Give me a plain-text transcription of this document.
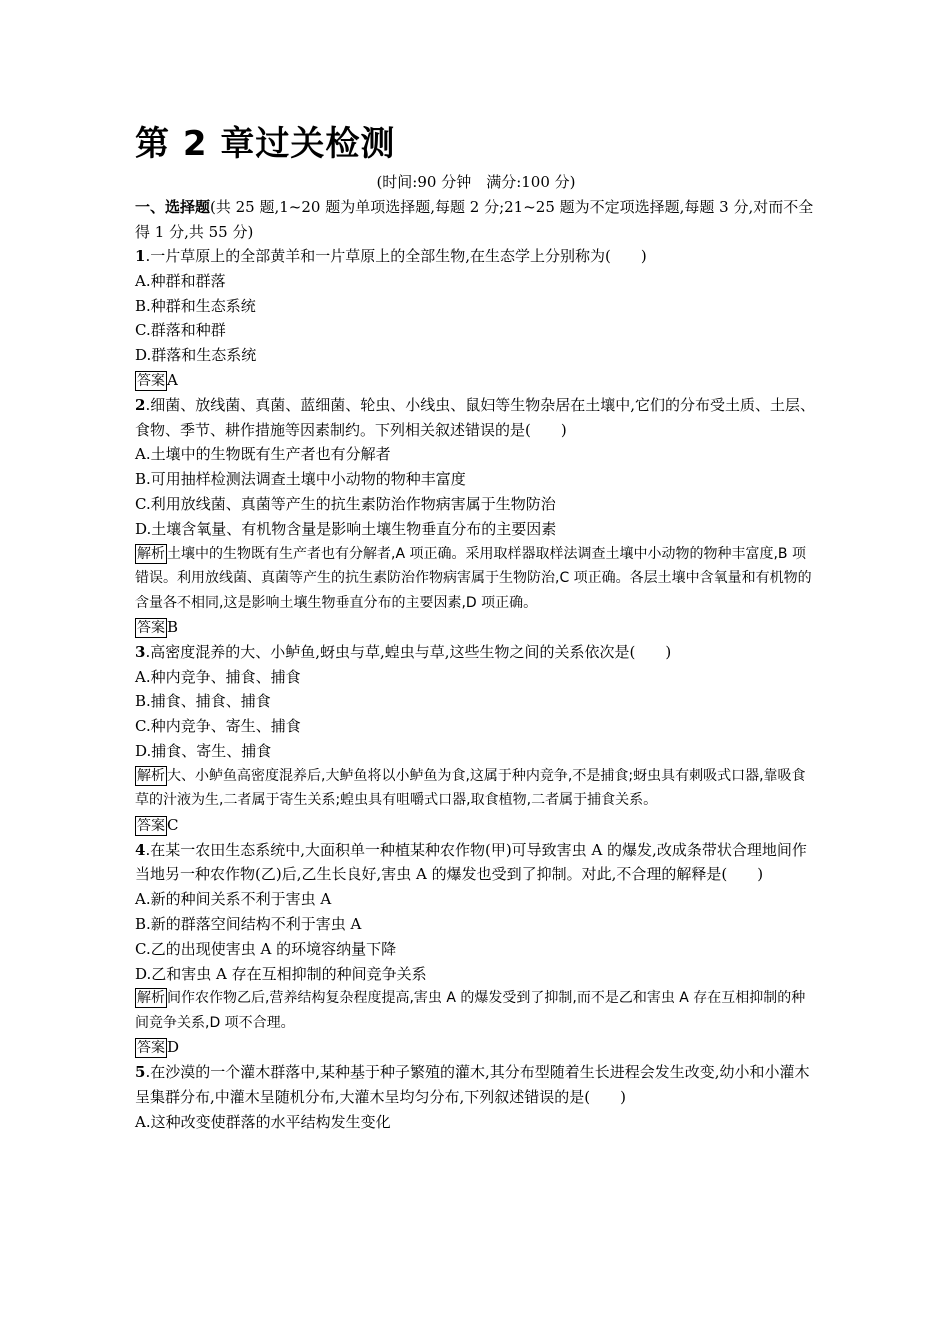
第 2 章过关检测

(时间:90 分钟　满分:100 分)

一、选择题(共 25 题,1~20 题为单项选择题,每题 2 分;21~25 题为不定项选择题,每题 3 分,对而不全得 1 分,共 55 分)

1.一片草原上的全部黄羊和一片草原上的全部生物,在生态学上分别称为(　　)

A.种群和群落

B.种群和生态系统

C.群落和种群

D.群落和生态系统

答案 A

2.细菌、放线菌、真菌、蓝细菌、轮虫、小线虫、鼠妇等生物杂居在土壤中,它们的分布受土质、土层、食物、季节、耕作措施等因素制约。下列相关叙述错误的是(　　)

A.土壤中的生物既有生产者也有分解者

B.可用抽样检测法调查土壤中小动物的物种丰富度

C.利用放线菌、真菌等产生的抗生素防治作物病害属于生物防治

D.土壤含氧量、有机物含量是影响土壤生物垂直分布的主要因素

解析 土壤中的生物既有生产者也有分解者,A 项正确。采用取样器取样法调查土壤中小动物的物种丰富度,B 项错误。利用放线菌、真菌等产生的抗生素防治作物病害属于生物防治,C 项正确。各层土壤中含氧量和有机物的含量各不相同,这是影响土壤生物垂直分布的主要因素,D 项正确。

答案 B

3.高密度混养的大、小鲈鱼,蚜虫与草,蝗虫与草,这些生物之间的关系依次是(　　)

A.种内竞争、捕食、捕食

B.捕食、捕食、捕食

C.种内竞争、寄生、捕食

D.捕食、寄生、捕食

解析 大、小鲈鱼高密度混养后,大鲈鱼将以小鲈鱼为食,这属于种内竞争,不是捕食;蚜虫具有刺吸式口器,靠吸食草的汁液为生,二者属于寄生关系;蝗虫具有咀嚼式口器,取食植物,二者属于捕食关系。

答案 C

4.在某一农田生态系统中,大面积单一种植某种农作物(甲)可导致害虫 A 的爆发,改成条带状合理地间作当地另一种农作物(乙)后,乙生长良好,害虫 A 的爆发也受到了抑制。对此,不合理的解释是(　　)

A.新的种间关系不利于害虫 A

B.新的群落空间结构不利于害虫 A

C.乙的出现使害虫 A 的环境容纳量下降

D.乙和害虫 A 存在互相抑制的种间竞争关系

解析 间作农作物乙后,营养结构复杂程度提高,害虫 A 的爆发受到了抑制,而不是乙和害虫 A 存在互相抑制的种间竞争关系,D 项不合理。

答案 D

5.在沙漠的一个灌木群落中,某种基于种子繁殖的灌木,其分布型随着生长进程会发生改变,幼小和小灌木呈集群分布,中灌木呈随机分布,大灌木呈均匀分布,下列叙述错误的是(　　)

A.这种改变使群落的水平结构发生变化
